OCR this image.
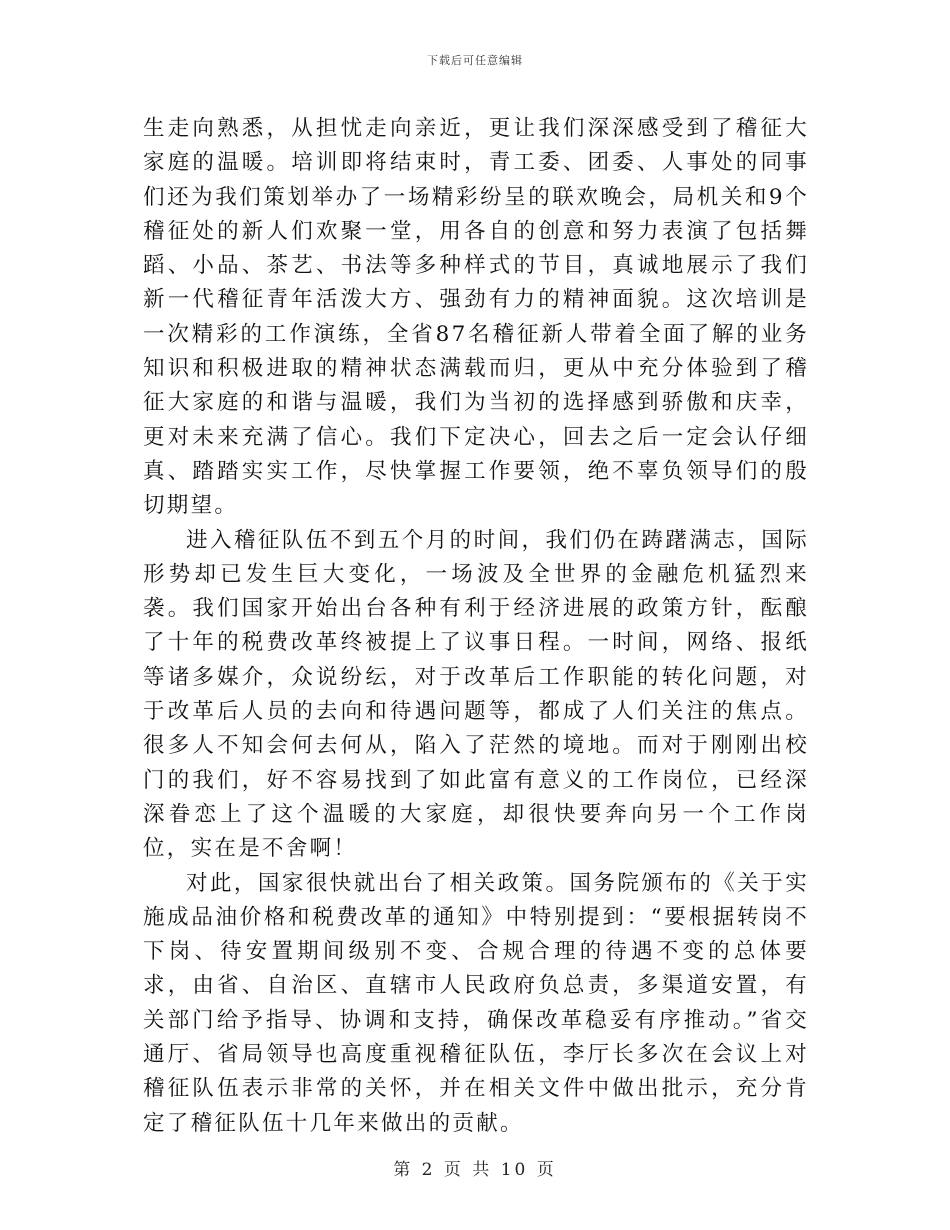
下载后可任意编辑

生走向熟悉，从担忧走向亲近，更让我们深深感受到了稽征大家庭的温暖。培训即将结束时，青工委、团委、人事处的同事们还为我们策划举办了一场精彩纷呈的联欢晚会，局机关和9个稽征处的新人们欢聚一堂，用各自的创意和努力表演了包括舞蹈、小品、茶艺、书法等多种样式的节目，真诚地展示了我们新一代稽征青年活泼大方、强劲有力的精神面貌。这次培训是一次精彩的工作演练，全省87名稽征新人带着全面了解的业务知识和积极进取的精神状态满载而归，更从中充分体验到了稽征大家庭的和谐与温暖，我们为当初的选择感到骄傲和庆幸，更对未来充满了信心。我们下定决心，回去之后一定会认仔细真、踏踏实实工作，尽快掌握工作要领，绝不辜负领导们的殷切期望。

进入稽征队伍不到五个月的时间，我们仍在踌躇满志，国际形势却已发生巨大变化，一场波及全世界的金融危机猛烈来袭。我们国家开始出台各种有利于经济进展的政策方针，酝酿了十年的税费改革终被提上了议事日程。一时间，网络、报纸等诸多媒介，众说纷纭，对于改革后工作职能的转化问题，对于改革后人员的去向和待遇问题等，都成了人们关注的焦点。很多人不知会何去何从，陷入了茫然的境地。而对于刚刚出校门的我们，好不容易找到了如此富有意义的工作岗位，已经深深眷恋上了这个温暖的大家庭，却很快要奔向另一个工作岗位，实在是不舍啊！

对此，国家很快就出台了相关政策。国务院颁布的《关于实施成品油价格和税费改革的通知》中特别提到：“要根据转岗不下岗、待安置期间级别不变、合规合理的待遇不变的总体要求，由省、自治区、直辖市人民政府负总责，多渠道安置，有关部门给予指导、协调和支持，确保改革稳妥有序推动。”省交通厅、省局领导也高度重视稽征队伍，李厅长多次在会议上对稽征队伍表示非常的关怀，并在相关文件中做出批示，充分肯定了稽征队伍十几年来做出的贡献。

第 2 页 共 10 页
